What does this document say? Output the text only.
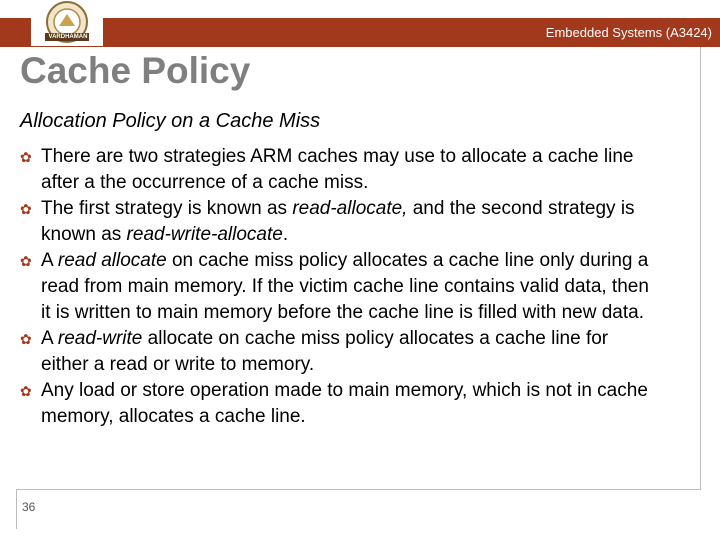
VARDHAMAN	Embedded Systems (A3424)
Cache Policy
Allocation Policy on a Cache Miss
✿ There are two strategies ARM caches may use to allocate a cache line after a the occurrence of a cache miss.
✿ The first strategy is known as read-allocate, and the second strategy is known as read-write-allocate.
✿ A read allocate on cache miss policy allocates a cache line only during a read from main memory. If the victim cache line contains valid data, then it is written to main memory before the cache line is filled with new data.
✿ A read-write allocate on cache miss policy allocates a cache line for either a read or write to memory.
✿ Any load or store operation made to main memory, which is not in cache memory, allocates a cache line.
36
